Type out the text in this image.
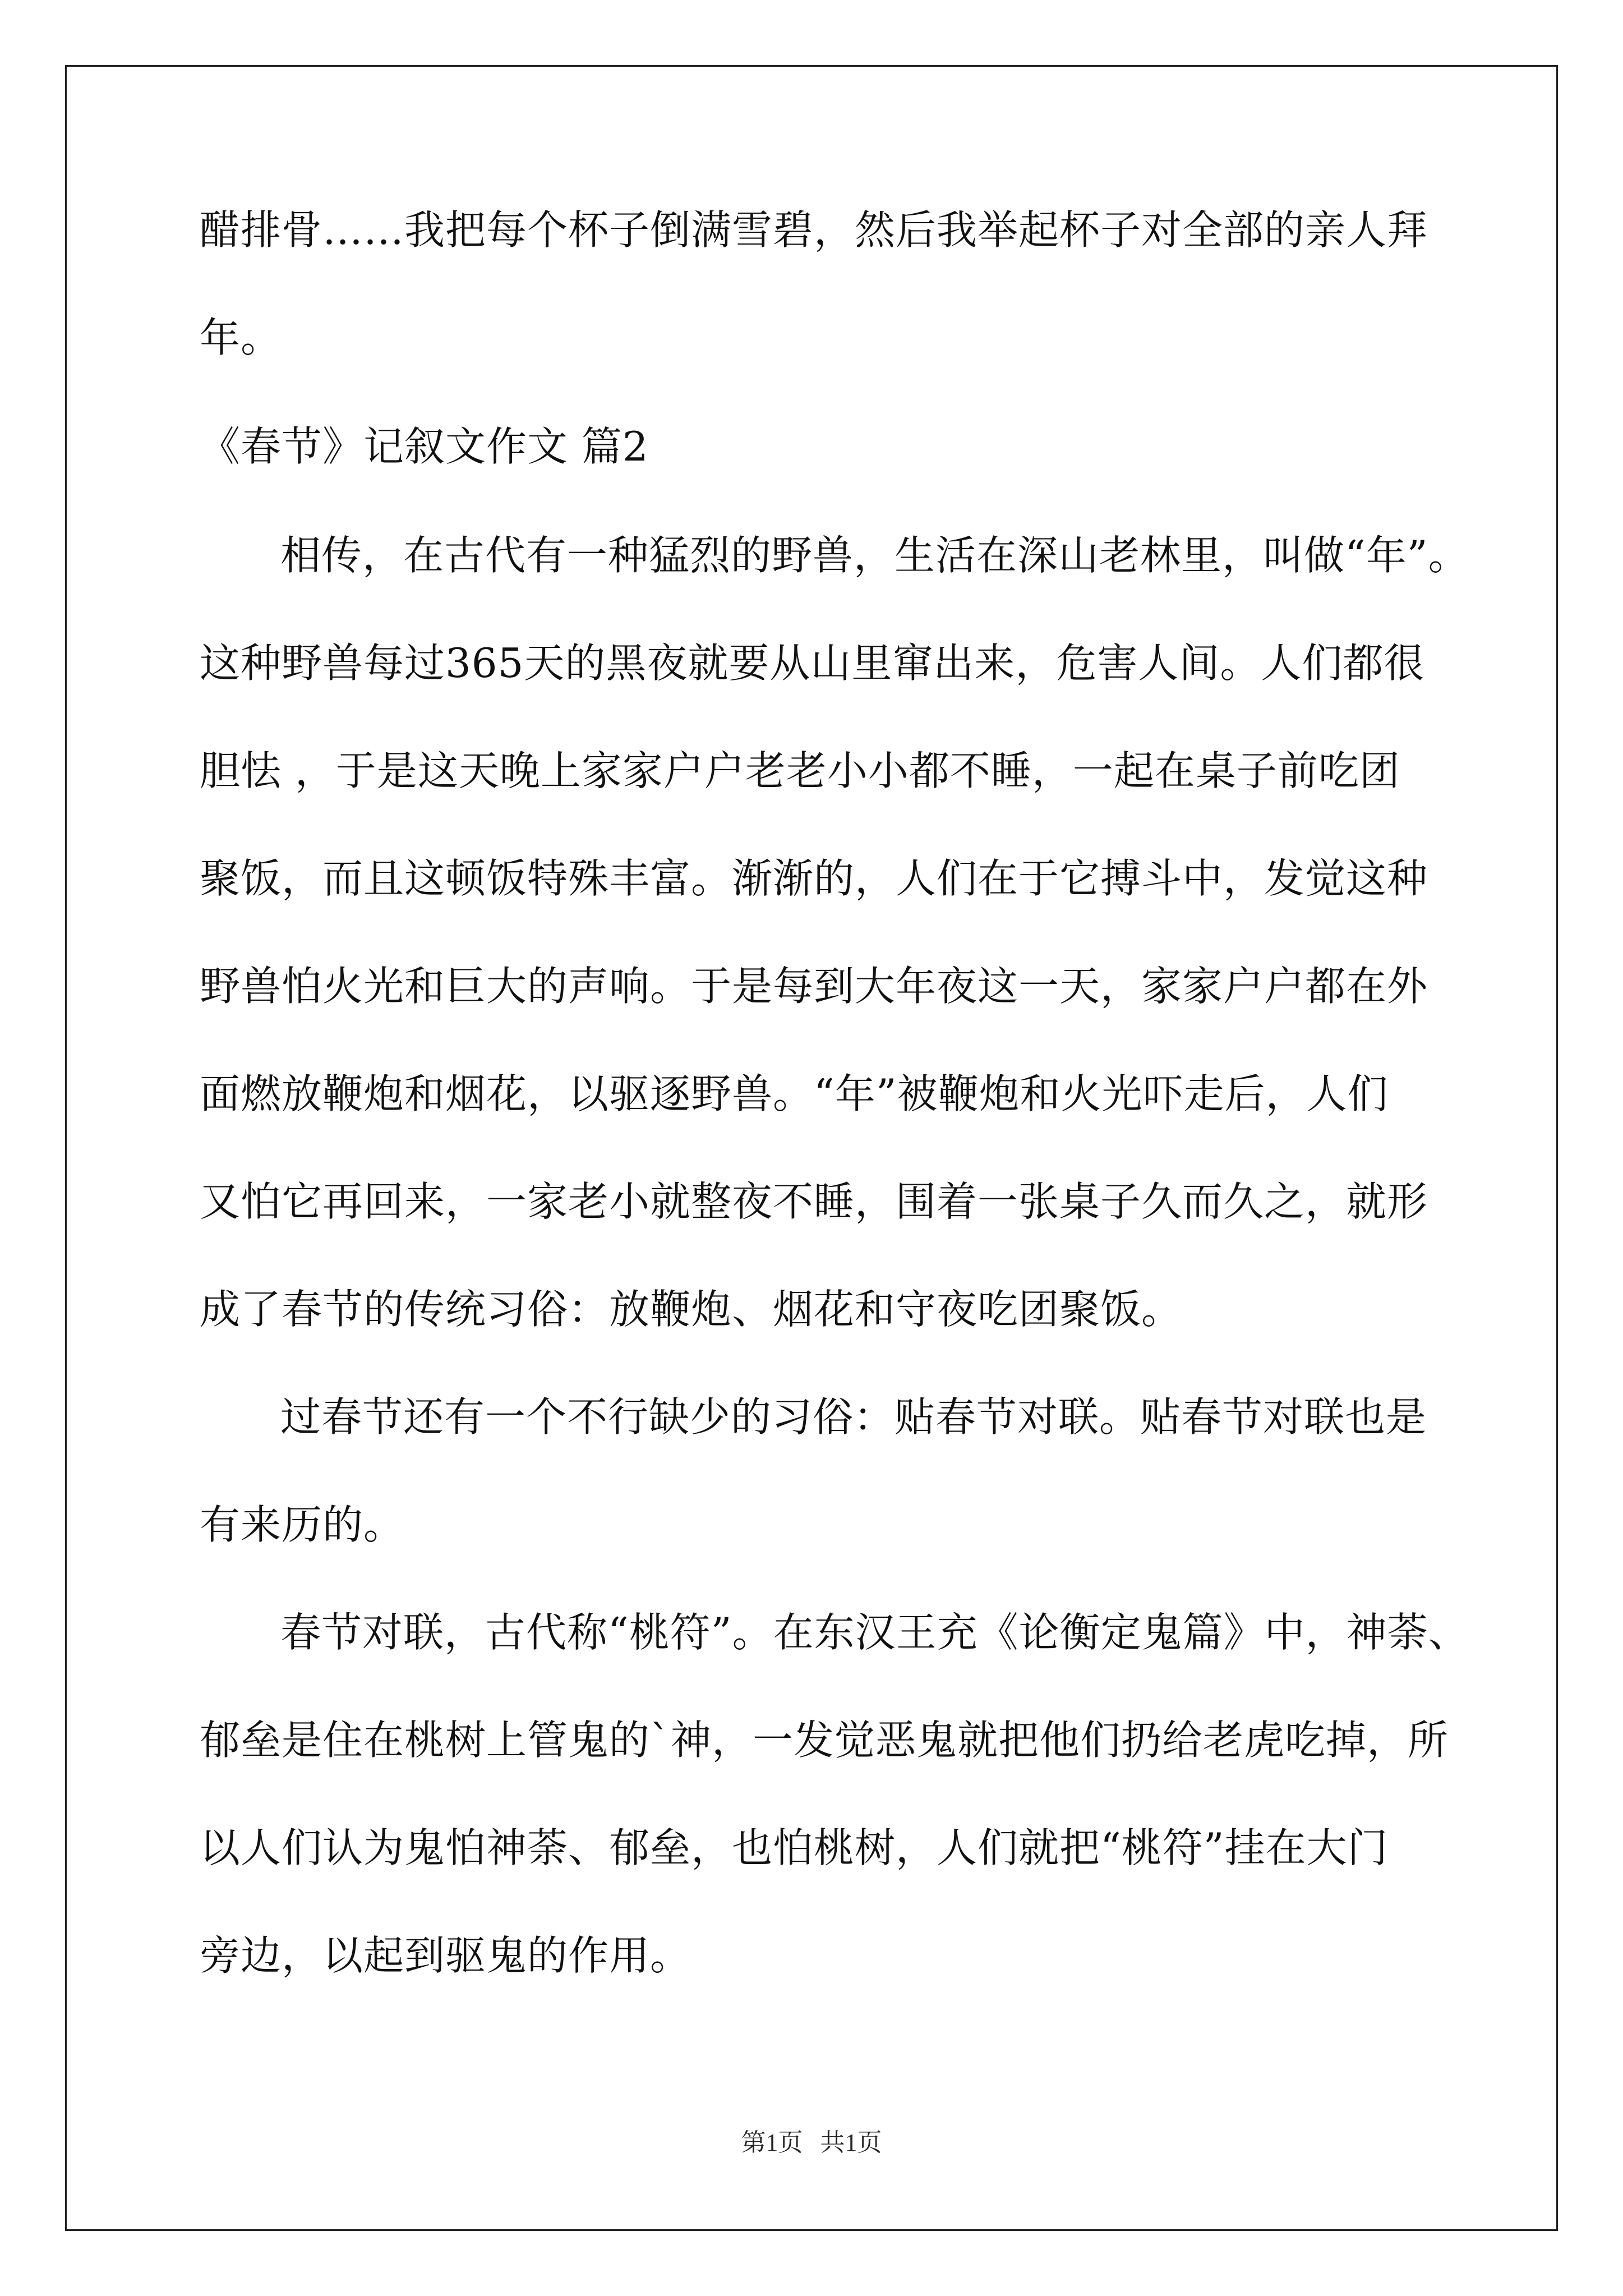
醋排骨……我把每个杯子倒满雪碧，然后我举起杯子对全部的亲人拜
年。
《春节》记叙文作文 篇2
相传，在古代有一种猛烈的野兽，生活在深山老林里，叫做“年”。
这种野兽每过365天的黑夜就要从山里窜出来，危害人间。人们都很
胆怯 ，于是这天晚上家家户户老老小小都不睡，一起在桌子前吃团
聚饭，而且这顿饭特殊丰富。渐渐的，人们在于它搏斗中，发觉这种
野兽怕火光和巨大的声响。于是每到大年夜这一天，家家户户都在外
面燃放鞭炮和烟花，以驱逐野兽。“年”被鞭炮和火光吓走后，人们
又怕它再回来，一家老小就整夜不睡，围着一张桌子久而久之，就形
成了春节的传统习俗：放鞭炮、烟花和守夜吃团聚饭。
过春节还有一个不行缺少的习俗：贴春节对联。贴春节对联也是
有来历的。
春节对联，古代称“桃符”。在东汉王充《论衡定鬼篇》中，神荼、
郁垒是住在桃树上管鬼的`神，一发觉恶鬼就把他们扔给老虎吃掉，所
以人们认为鬼怕神荼、郁垒，也怕桃树，人们就把“桃符”挂在大门
旁边，以起到驱鬼的作用。
第1页 共1页
